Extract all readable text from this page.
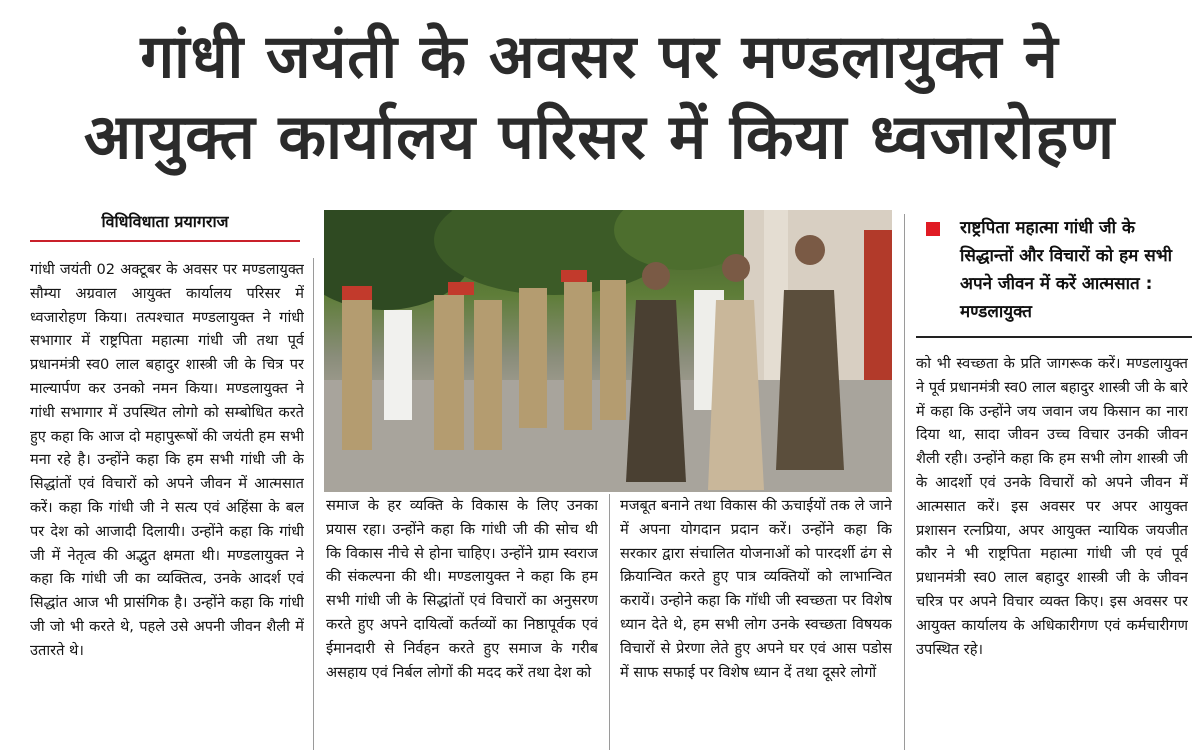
गांधी जयंती के अवसर पर मण्डलायुक्त ने
आयुक्त कार्यालय परिसर में किया ध्वजारोहण
विधिविधाता प्रयागराज

गांधी जयंती 02 अक्टूबर के अवसर पर मण्डलायुक्त सौम्या अग्रवाल आयुक्त कार्यालय परिसर में ध्वजारोहण किया। तत्पश्चात मण्डलायुक्त ने गांधी सभागार में राष्ट्रपिता महात्मा गांधी जी तथा पूर्व प्रधानमंत्री स्व0 लाल बहादुर शास्त्री जी के चित्र पर माल्यार्पण कर उनको नमन किया। मण्डलायुक्त ने गांधी सभागार में उपस्थित लोगो को सम्बोधित करते हुए कहा कि आज दो महापुरूषों की जयंती हम सभी मना रहे है। उन्होंने कहा कि हम सभी गांधी जी के सिद्धांतों एवं विचारों को अपने जीवन में आत्मसात करें। कहा कि गांधी जी ने सत्य एवं अहिंसा के बल पर देश को आजादी दिलायी। उन्होंने कहा कि गांधी जी में नेतृत्व की अद्भुत क्षमता थी। मण्डलायुक्त ने कहा कि गांधी जी का व्यक्तित्व, उनके आदर्श एवं सिद्धांत आज भी प्रासंगिक है। उन्होंने कहा कि गांधी जी जो भी करते थे, पहले उसे अपनी जीवन शैली में उतारते थे।

समाज के हर व्यक्ति के विकास के लिए उनका प्रयास रहा। उन्होंने कहा कि गांधी जी की सोच थी कि विकास नीचे से होना चाहिए। उन्होंने ग्राम स्वराज की संकल्पना की थी। मण्डलायुक्त ने कहा कि हम सभी गांधी जी के सिद्धांतों एवं विचारों का अनुसरण करते हुए अपने दायित्वों कर्तव्यों का निष्ठापूर्वक एवं ईमानदारी से निर्वहन करते हुए समाज के गरीब असहाय एवं निर्बल लोगों की मदद करें तथा देश को

मजबूत बनाने तथा विकास की ऊचाईयों तक ले जाने में अपना योगदान प्रदान करें। उन्होंने कहा कि सरकार द्वारा संचालित योजनाओं को पारदर्शी ढंग से क्रियान्वित करते हुए पात्र व्यक्तियों को लाभान्वित करायें। उन्होने कहा कि गॉधी जी स्वच्छता पर विशेष ध्यान देते थे, हम सभी लोग उनके स्वच्छता विषयक विचारों से प्रेरणा लेते हुए अपने घर एवं आस पडोस में साफ सफाई पर विशेष ध्यान दें तथा दूसरे लोगों

राष्ट्रपिता महात्मा गांधी जी के सिद्धान्तों और विचारों को हम सभी अपने जीवन में करें आत्मसात : मण्डलायुक्त

को भी स्वच्छता के प्रति जागरूक करें। मण्डलायुक्त ने पूर्व प्रधानमंत्री स्व0 लाल बहादुर शास्त्री जी के बारे में कहा कि उन्होंने जय जवान जय किसान का नारा दिया था, सादा जीवन उच्च विचार उनकी जीवन शैली रही। उन्होंने कहा कि हम सभी लोग शास्त्री जी के आदर्शो एवं उनके विचारों को अपने जीवन में आत्मसात करें। इस अवसर पर अपर आयुक्त प्रशासन रत्नप्रिया, अपर आयुक्त न्यायिक जयजीत कौर ने भी राष्ट्रपिता महात्मा गांधी जी एवं पूर्व प्रधानमंत्री स्व0 लाल बहादुर शास्त्री जी के जीवन चरित्र पर अपने विचार व्यक्त किए। इस अवसर पर आयुक्त कार्यालय के अधिकारीगण एवं कर्मचारीगण उपस्थित रहे।
